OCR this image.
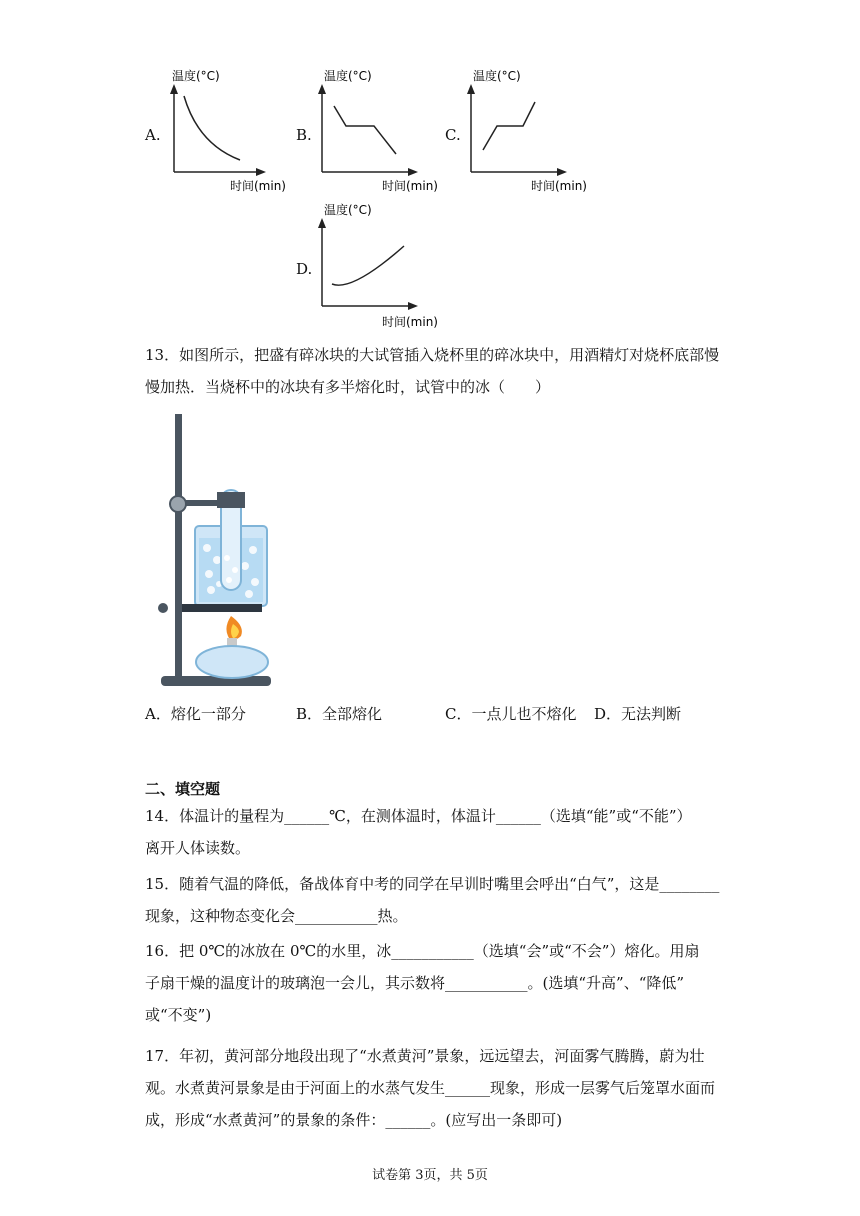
A.
温度(°C)
时间(min)
B.
温度(°C)
时间(min)
C.
温度(°C)
时间(min)
D.
温度(°C)
时间(min)
13．如图所示，把盛有碎冰块的大试管插入烧杯里的碎冰块中，用酒精灯对烧杯底部慢
慢加热．当烧杯中的冰块有多半熔化时，试管中的冰（　　）
A．熔化一部分	B．全部熔化	C．一点儿也不熔化 D．无法判断
二、填空题
14．体温计的量程为______℃，在测体温时，体温计______（选填“能”或“不能”）
离开人体读数。
15．随着气温的降低，备战体育中考的同学在早训时嘴里会呼出“白气”，这是________
现象，这种物态变化会___________热。
16．把 0℃的冰放在 0℃的水里，冰___________（选填“会”或“不会”）熔化。用扇
子扇干燥的温度计的玻璃泡一会儿，其示数将___________。(选填“升高”、“降低”
或“不变”)
17．年初，黄河部分地段出现了“水煮黄河”景象，远远望去，河面雾气腾腾，蔚为壮
观。水煮黄河景象是由于河面上的水蒸气发生______现象，形成一层雾气后笼罩水面而
成，形成“水煮黄河”的景象的条件：______。(应写出一条即可)
试卷第 3页，共 5页
